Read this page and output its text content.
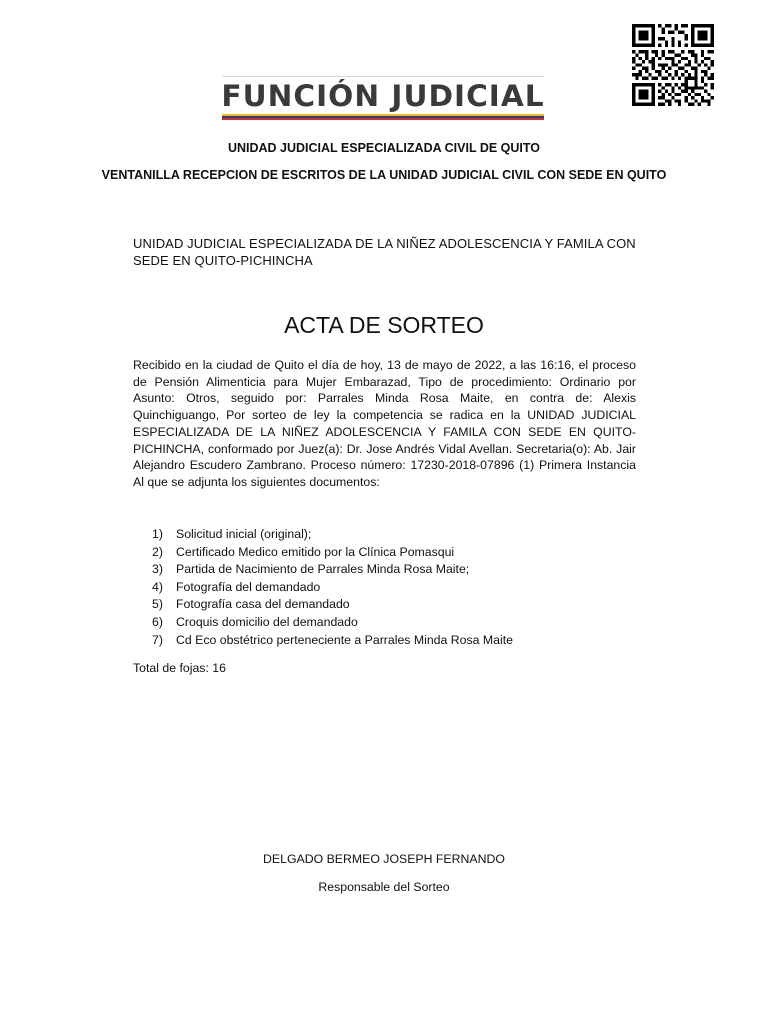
FUNCIÓN JUDICIAL
UNIDAD JUDICIAL ESPECIALIZADA CIVIL DE QUITO
VENTANILLA RECEPCION DE ESCRITOS DE LA UNIDAD JUDICIAL CIVIL CON SEDE EN QUITO
UNIDAD JUDICIAL ESPECIALIZADA DE LA NIÑEZ ADOLESCENCIA Y FAMILA CON SEDE EN QUITO-PICHINCHA
ACTA DE SORTEO
Recibido en la ciudad de Quito el día de hoy, 13 de mayo de 2022, a las 16:16, el proceso de Pensión Alimenticia para Mujer Embarazad, Tipo de procedimiento: Ordinario por Asunto: Otros, seguido por: Parrales Minda Rosa Maite, en contra de: Alexis Quinchiguango, Por sorteo de ley la competencia se radica en la UNIDAD JUDICIAL ESPECIALIZADA DE LA NIÑEZ ADOLESCENCIA Y FAMILA CON SEDE EN QUITO-PICHINCHA, conformado por Juez(a): Dr. Jose Andrés Vidal Avellan. Secretaria(o): Ab. Jair Alejandro Escudero Zambrano. Proceso número: 17230-2018-07896 (1) Primera Instancia Al que se adjunta los siguientes documentos:
1) Solicitud inicial (original);
2) Certificado Medico emitido por la Clínica Pomasqui
3) Partida de Nacimiento de Parrales Minda Rosa Maite;
4) Fotografía del demandado
5) Fotografía casa del demandado
6) Croquis domicilio del demandado
7) Cd Eco obstétrico perteneciente a Parrales Minda Rosa Maite
Total de fojas: 16
DELGADO BERMEO JOSEPH FERNANDO
Responsable del Sorteo
